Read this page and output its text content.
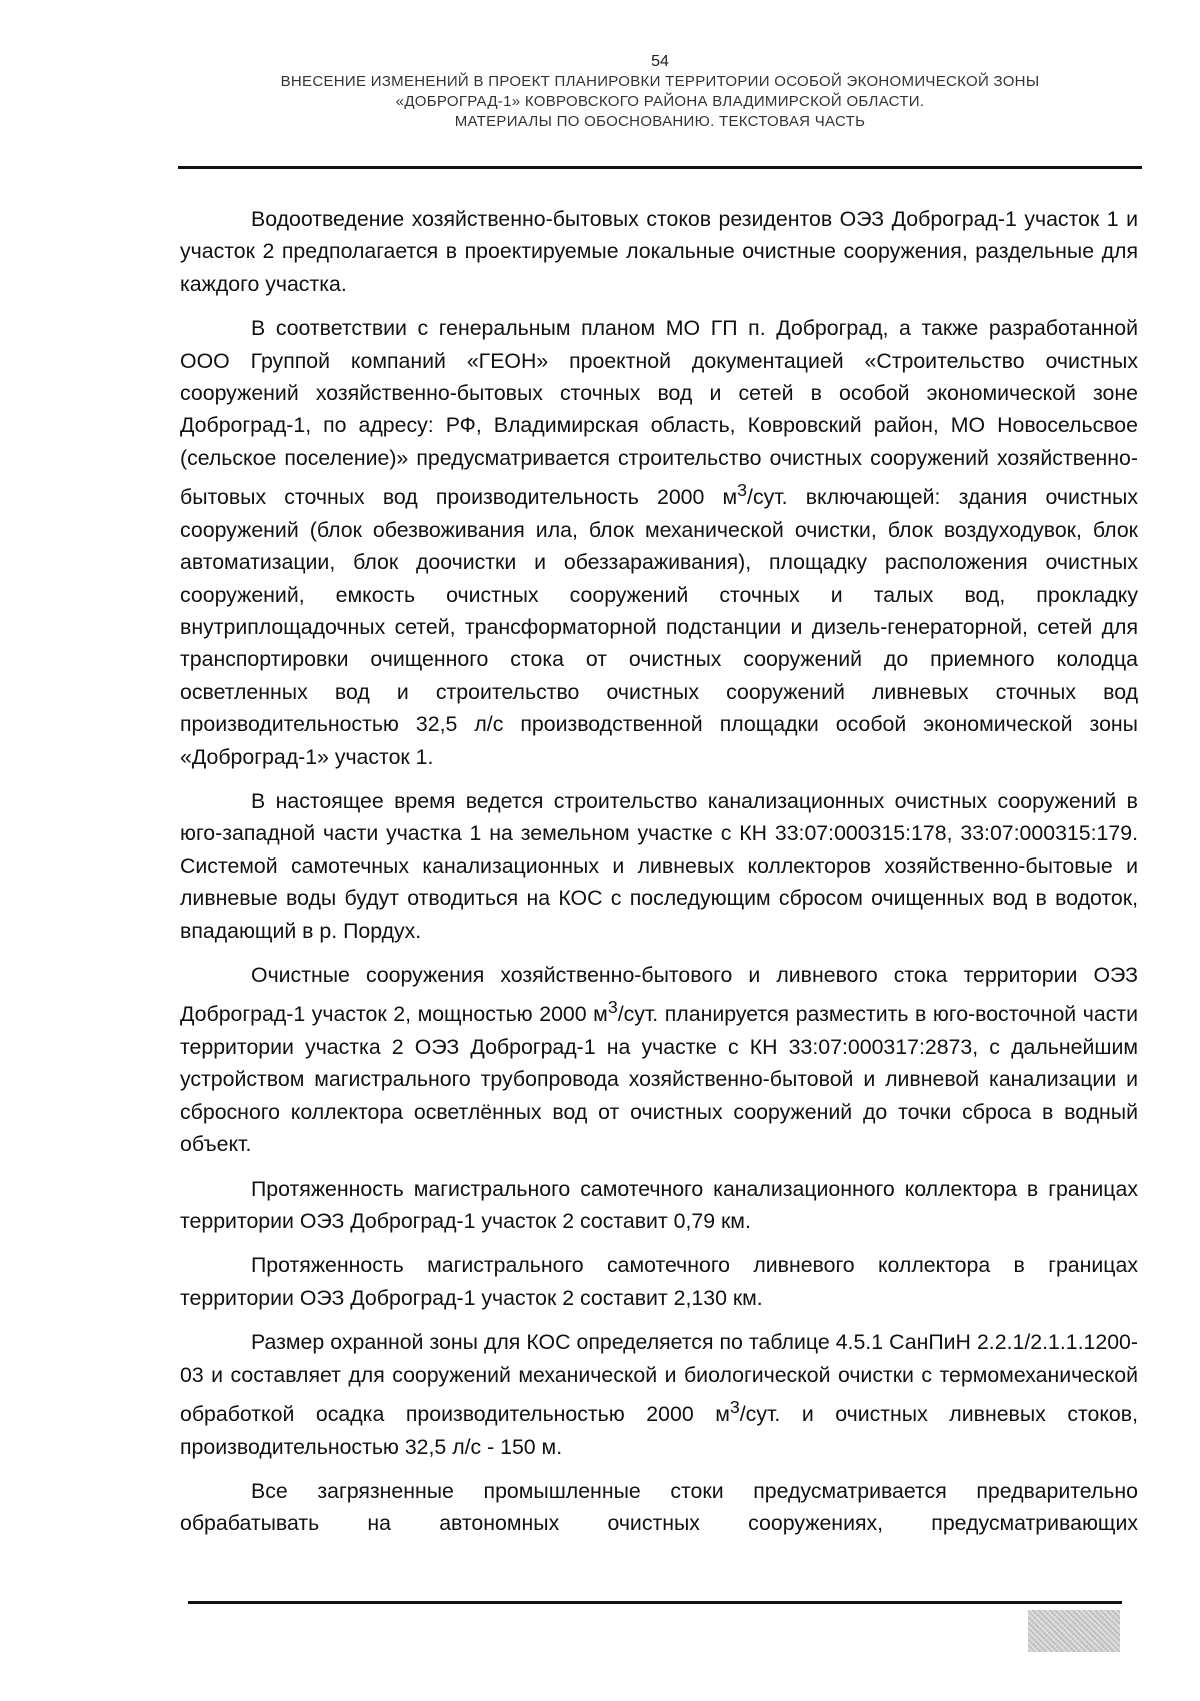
54
ВНЕСЕНИЕ ИЗМЕНЕНИЙ В ПРОЕКТ ПЛАНИРОВКИ ТЕРРИТОРИИ ОСОБОЙ ЭКОНОМИЧЕСКОЙ ЗОНЫ
«ДОБРОГРАД-1» КОВРОВСКОГО РАЙОНА ВЛАДИМИРСКОЙ ОБЛАСТИ.
МАТЕРИАЛЫ ПО ОБОСНОВАНИЮ. ТЕКСТОВАЯ ЧАСТЬ

Водоотведение хозяйственно-бытовых стоков резидентов ОЭЗ Доброград-1 участок 1 и участок 2 предполагается в проектируемые локальные очистные сооружения, раздельные для каждого участка.

В соответствии с генеральным планом МО ГП п. Доброград, а также разработанной ООО Группой компаний «ГЕОН» проектной документацией «Строительство очистных сооружений хозяйственно-бытовых сточных вод и сетей в особой экономической зоне Доброград-1, по адресу: РФ, Владимирская область, Ковровский район, МО Новосельсвое (сельское поселение)» предусматривается строительство очистных сооружений хозяйственно-бытовых сточных вод производительность 2000 $м^3$/сут. включающей: здания очистных сооружений (блок обезвоживания ила, блок механической очистки, блок воздуходувок, блок автоматизации, блок доочистки и обеззараживания), площадку расположения очистных сооружений, емкость очистных сооружений сточных и талых вод, прокладку внутриплощадочных сетей, трансформаторной подстанции и дизель-генераторной, сетей для транспортировки очищенного стока от очистных сооружений до приемного колодца осветленных вод и строительство очистных сооружений ливневых сточных вод производительностью 32,5 л/с производственной площадки особой экономической зоны «Доброград-1» участок 1.

В настоящее время ведется строительство канализационных очистных сооружений в юго-западной части участка 1 на земельном участке с КН 33:07:000315:178, 33:07:000315:179. Системой самотечных канализационных и ливневых коллекторов хозяйственно-бытовые и ливневые воды будут отводиться на КОС с последующим сбросом очищенных вод в водоток, впадающий в р. Пордух.

Очистные сооружения хозяйственно-бытового и ливневого стока территории ОЭЗ Доброград-1 участок 2, мощностью 2000 $м^3$/сут. планируется разместить в юго-восточной части территории участка 2 ОЭЗ Доброград-1 на участке с КН 33:07:000317:2873, с дальнейшим устройством магистрального трубопровода хозяйственно-бытовой и ливневой канализации и сбросного коллектора осветлённых вод от очистных сооружений до точки сброса в водный объект.

Протяженность магистрального самотечного канализационного коллектора в границах территории ОЭЗ Доброград-1 участок 2 составит 0,79 км.

Протяженность магистрального самотечного ливневого коллектора в границах территории ОЭЗ Доброград-1 участок 2 составит 2,130 км.

Размер охранной зоны для КОС определяется по таблице 4.5.1 СанПиН 2.2.1/2.1.1.1200-03 и составляет для сооружений механической и биологической очистки с термомеханической обработкой осадка производительностью 2000 $м^3$/сут. и очистных ливневых стоков, производительностью 32,5 л/с - 150 м.

Все загрязненные промышленные стоки предусматривается предварительно обрабатывать на автономных очистных сооружениях, предусматривающих
